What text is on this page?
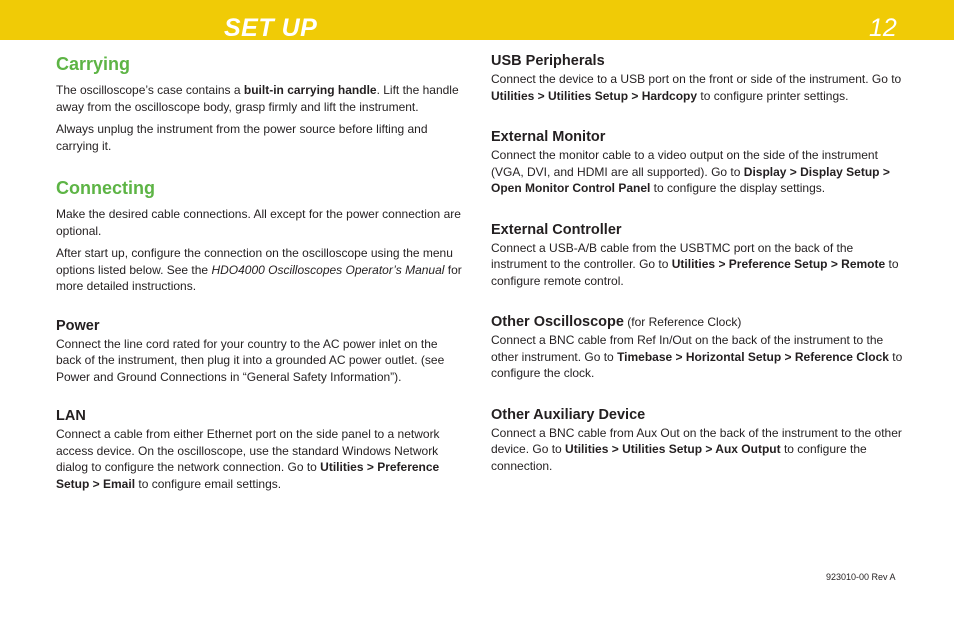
SET UP	12
Carrying

The oscilloscope’s case contains a built-in carrying handle. Lift the handle away from the oscilloscope body, grasp firmly and lift the instrument.

Always unplug the instrument from the power source before lifting and carrying it.

Connecting

Make the desired cable connections. All except for the power connection are optional.

After start up, configure the connection on the oscilloscope using the menu options listed below. See the HDO4000 Oscilloscopes Operator’s Manual for more detailed instructions.

Power

Connect the line cord rated for your country to the AC power inlet on the back of the instrument, then plug it into a grounded AC power outlet. (see Power and Ground Connections in “General Safety Information”).

LAN

Connect a cable from either Ethernet port on the side panel to a network access device. On the oscilloscope, use the standard Windows Network dialog to configure the network connection. Go to Utilities > Preference Setup > Email to configure email settings.

USB Peripherals

Connect the device to a USB port on the front or side of the instrument. Go to Utilities > Utilities Setup > Hardcopy to configure printer settings.

External Monitor

Connect the monitor cable to a video output on the side of the instrument (VGA, DVI, and HDMI are all supported). Go to Display > Display Setup > Open Monitor Control Panel to configure the display settings.

External Controller

Connect a USB-A/B cable from the USBTMC port on the back of the instrument to the controller. Go to Utilities > Preference Setup > Remote to configure remote control.

Other Oscilloscope (for Reference Clock)

Connect a BNC cable from Ref In/Out on the back of the instrument to the other instrument. Go to Timebase > Horizontal Setup > Reference Clock to configure the clock.

Other Auxiliary Device

Connect a BNC cable from Aux Out on the back of the instrument to the other device. Go to Utilities > Utilities Setup > Aux Output to configure the connection.

923010-00 Rev A
